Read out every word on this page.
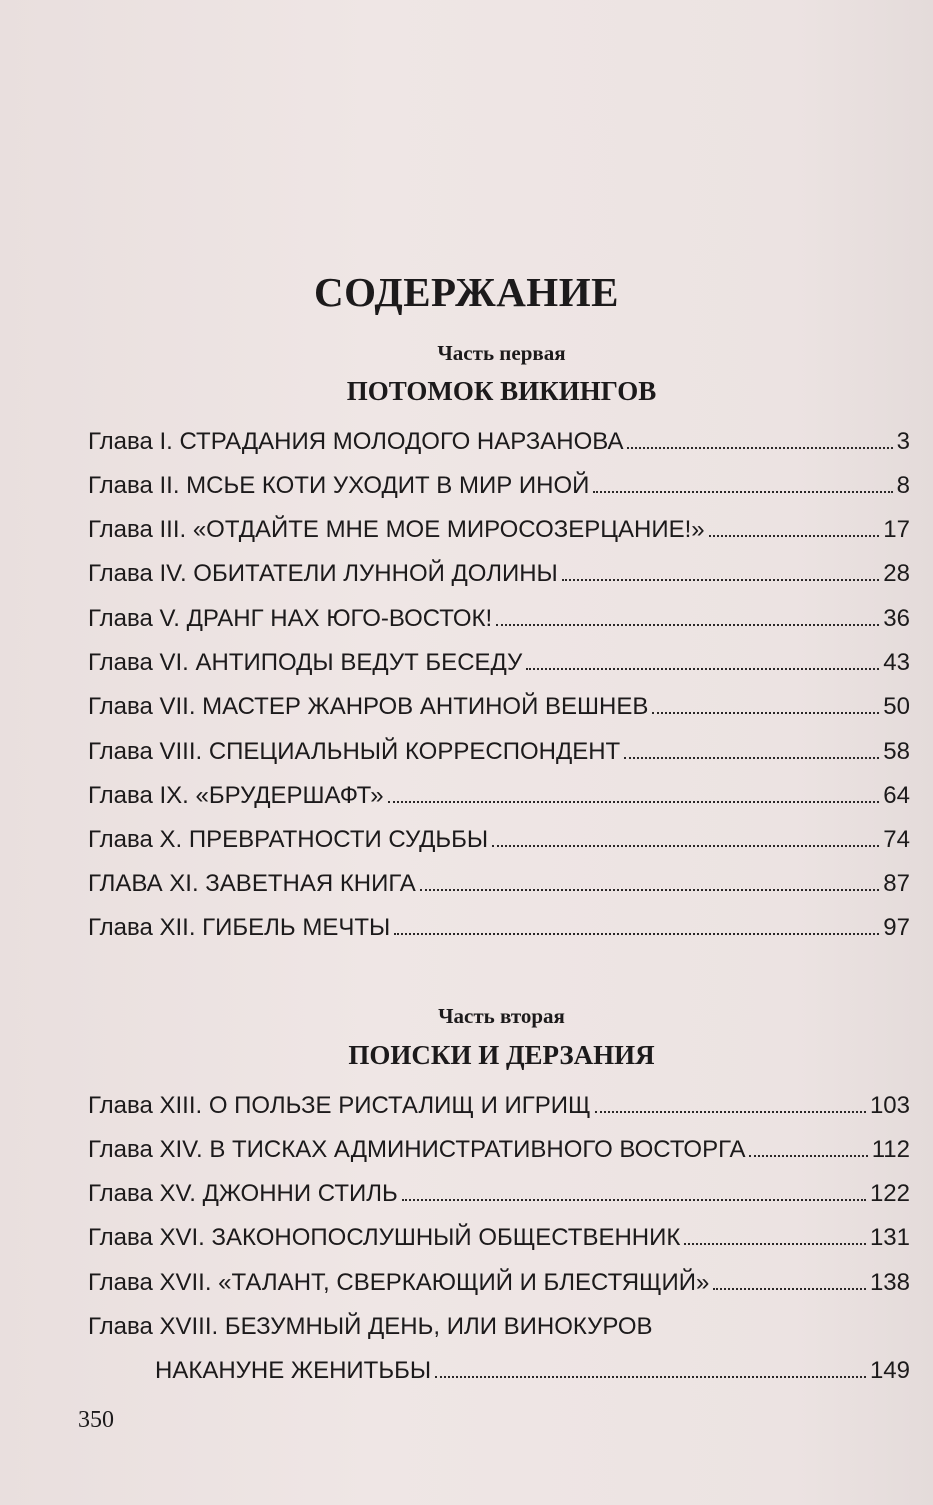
СОДЕРЖАНИЕ
Часть первая
ПОТОМОК ВИКИНГОВ
Глава I. СТРАДАНИЯ МОЛОДОГО НАРЗАНОВА	3
Глава II. МСЬЕ КОТИ УХОДИТ В МИР ИНОЙ	8
Глава III. «ОТДАЙТЕ МНЕ МОЕ МИРОСОЗЕРЦАНИЕ!»	17
Глава IV. ОБИТАТЕЛИ ЛУННОЙ ДОЛИНЫ	28
Глава V. ДРАНГ НАХ ЮГО-ВОСТОК!	36
Глава VI. АНТИПОДЫ ВЕДУТ БЕСЕДУ	43
Глава VII. МАСТЕР ЖАНРОВ АНТИНОЙ ВЕШНЕВ	50
Глава VIII. СПЕЦИАЛЬНЫЙ КОРРЕСПОНДЕНТ	58
Глава IX. «БРУДЕРШАФТ»	64
Глава X. ПРЕВРАТНОСТИ СУДЬБЫ	74
ГЛАВА XI. ЗАВЕТНАЯ КНИГА	87
Глава XII. ГИБЕЛЬ МЕЧТЫ	97
Часть вторая
ПОИСКИ И ДЕРЗАНИЯ
Глава XIII. О ПОЛЬЗЕ РИСТАЛИЩ И ИГРИЩ	103
Глава XIV. В ТИСКАХ АДМИНИСТРАТИВНОГО ВОСТОРГА	112
Глава XV. ДЖОННИ СТИЛЬ	122
Глава XVI. ЗАКОНОПОСЛУШНЫЙ ОБЩЕСТВЕННИК	131
Глава XVII. «ТАЛАНТ, СВЕРКАЮЩИЙ И БЛЕСТЯЩИЙ»	138
Глава XVIII. БЕЗУМНЫЙ ДЕНЬ, ИЛИ ВИНОКУРОВ
НАКАНУНЕ ЖЕНИТЬБЫ	149
350
